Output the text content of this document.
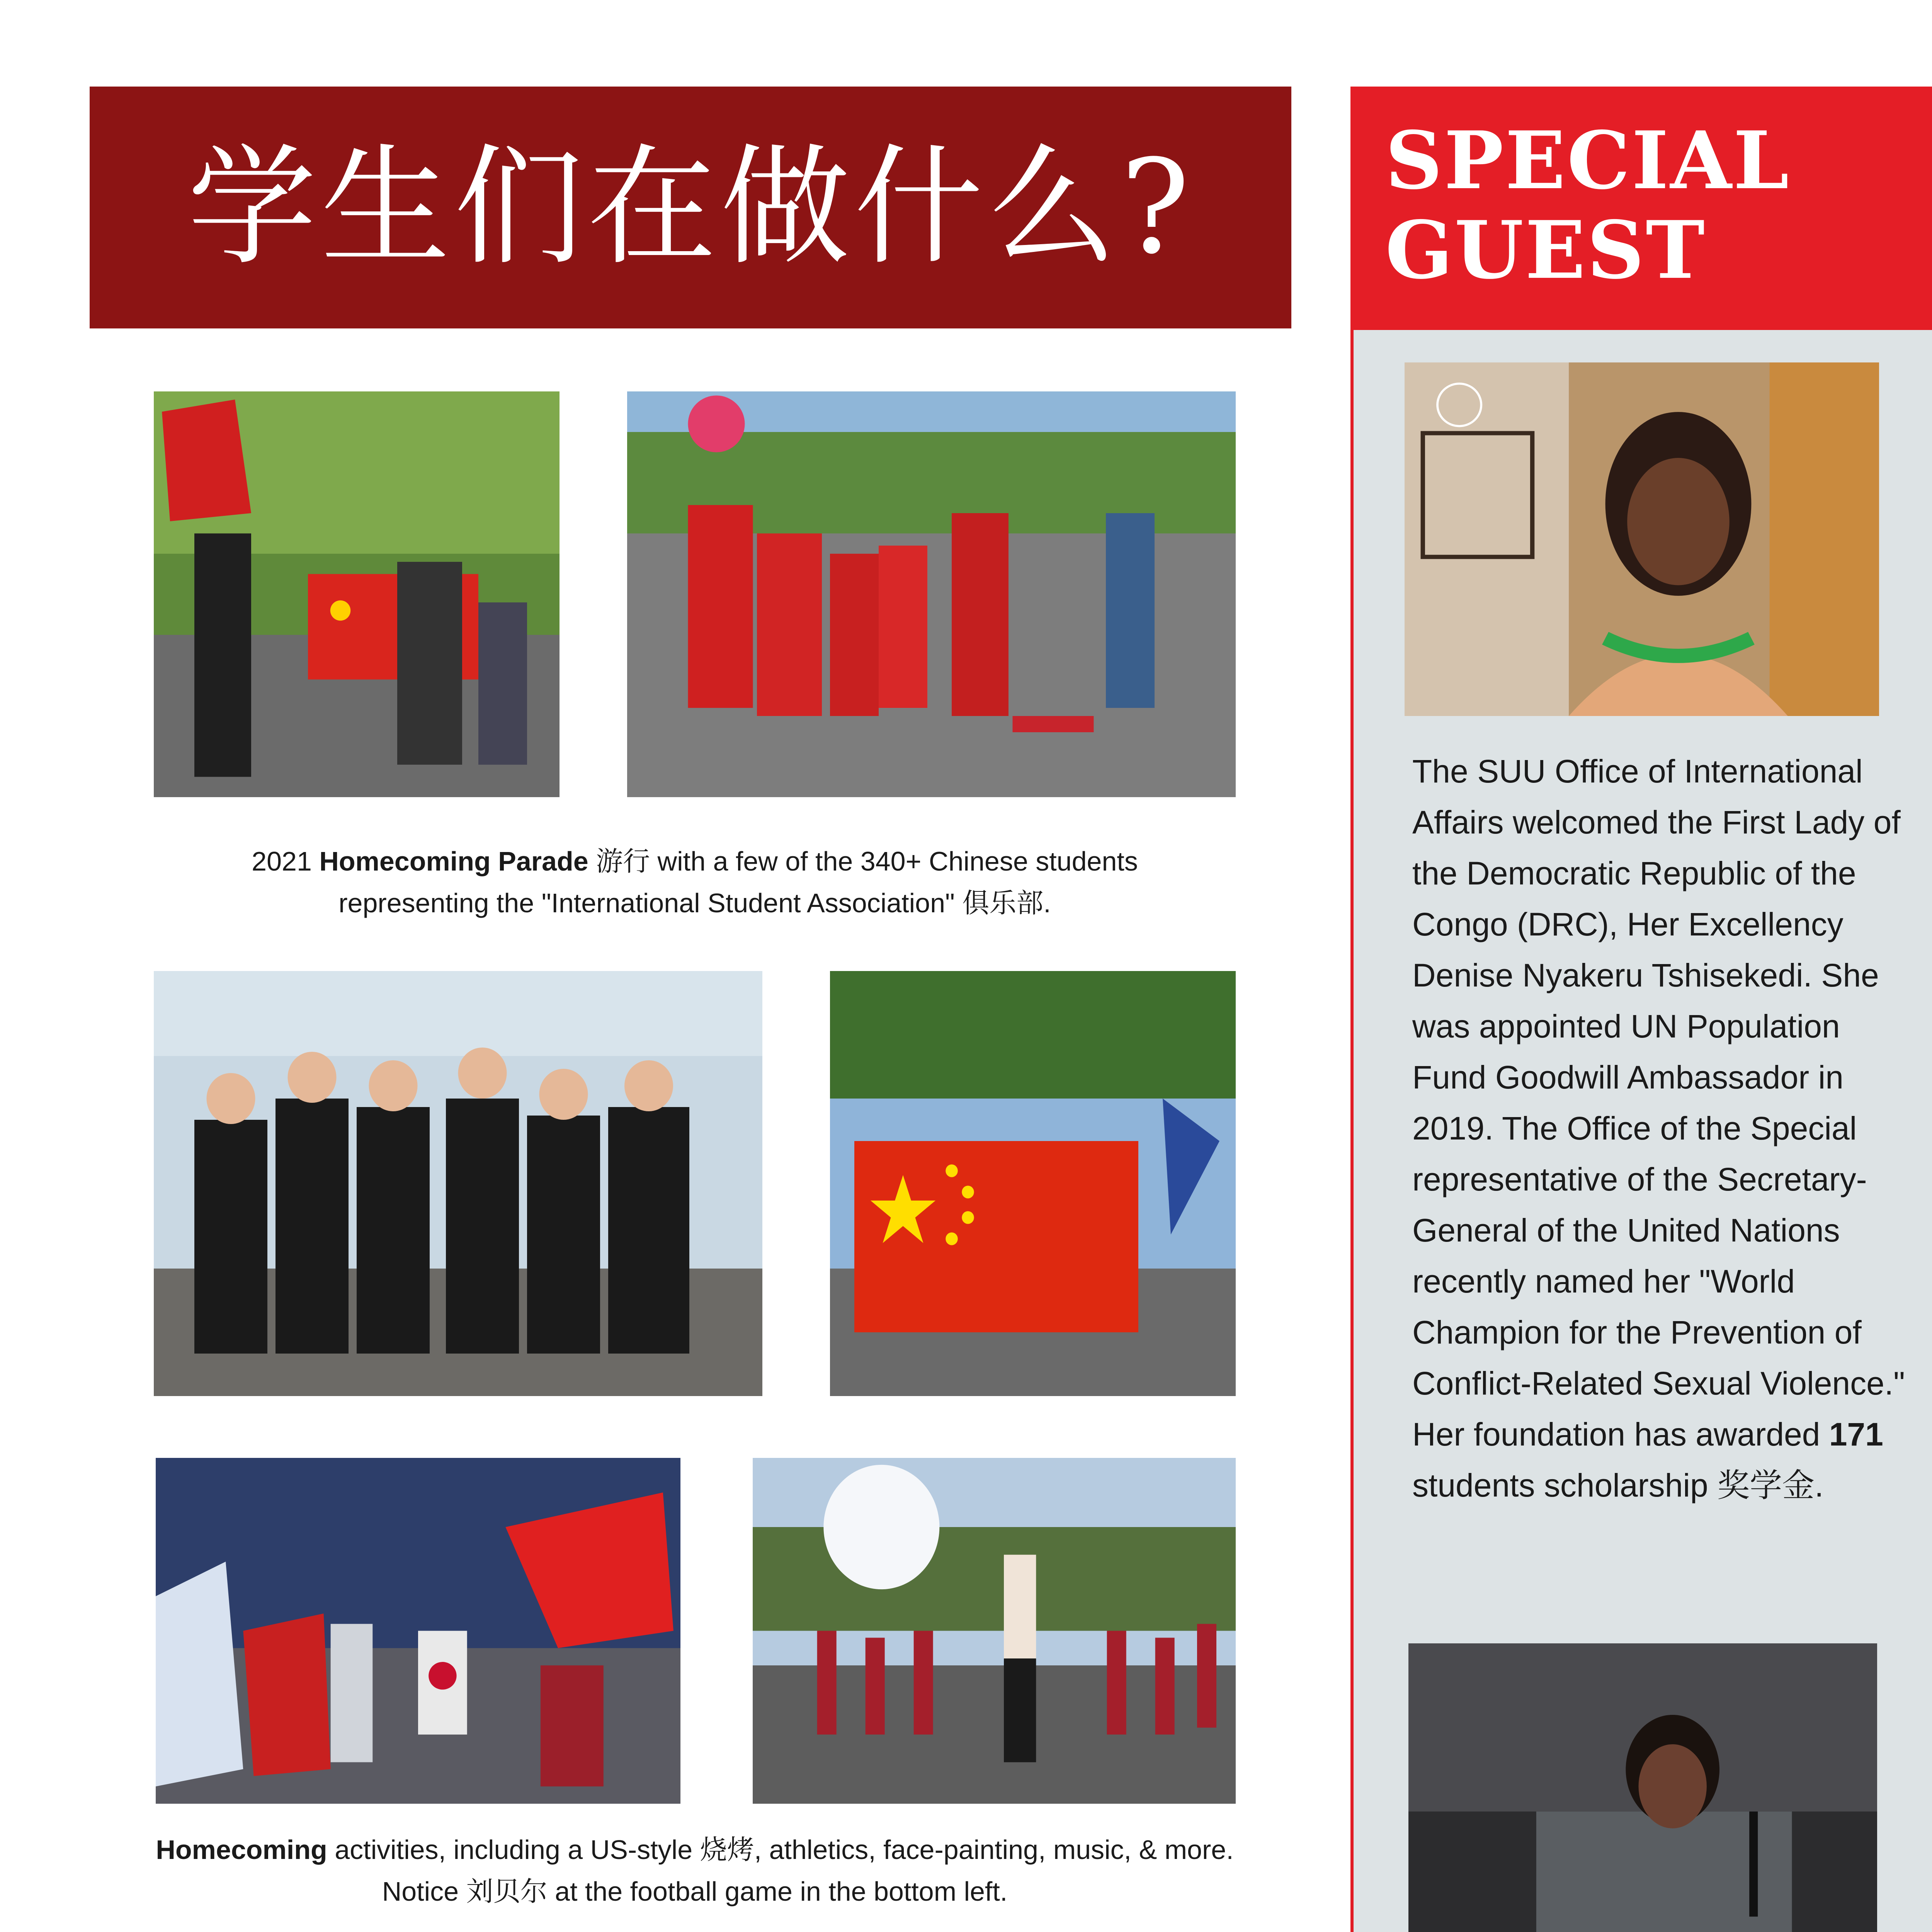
学生们在做什么?
2021 Homecoming Parade 游行 with a few of the 340+ Chinese students
representing the "International Student Association" 俱乐部.
Homecoming activities, including a US-style 烧烤, athletics, face-painting, music, & more.
Notice 刘贝尔 at the football game in the bottom left.
SPECIAL
GUEST
The SUU Office of International Affairs welcomed the First Lady of the Democratic Republic of the Congo (DRC), Her Excellency Denise Nyakeru Tshisekedi. She was appointed UN Population Fund Goodwill Ambassador in 2019. The Office of the Special representative of the Secretary-General of the United Nations recently named her "World Champion for the Prevention of Conflict-Related Sexual Violence." Her foundation has awarded 171 students scholarship 奖学金.
